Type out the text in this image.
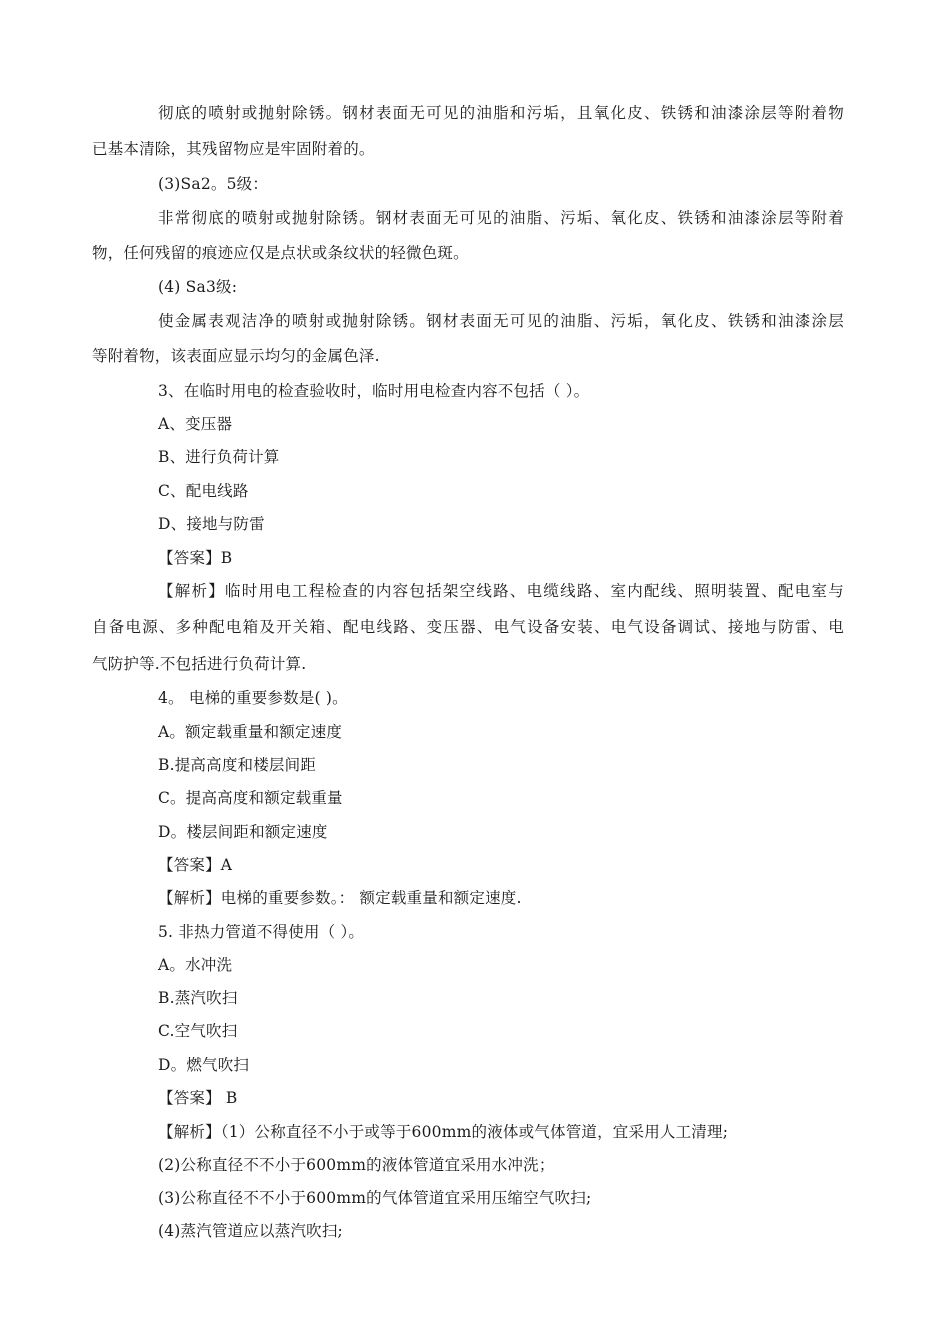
彻底的喷射或抛射除锈。钢材表面无可见的油脂和污垢，且氧化皮、铁锈和油漆涂层等附着物
已基本清除，其残留物应是牢固附着的。
(3)Sa2。5级：
非常彻底的喷射或抛射除锈。钢材表面无可见的油脂、污垢、氧化皮、铁锈和油漆涂层等附着
物，任何残留的痕迹应仅是点状或条纹状的轻微色斑。
(4) Sa3级:
使金属表观洁净的喷射或抛射除锈。钢材表面无可见的油脂、污垢，氧化皮、铁锈和油漆涂层
等附着物，该表面应显示均匀的金属色泽.
3、在临时用电的检查验收时，临时用电检查内容不包括（ ）。
A、变压器
B、进行负荷计算
C、配电线路
D、接地与防雷
【答案】B
【解析】临时用电工程检查的内容包括架空线路、电缆线路、室内配线、照明装置、配电室与
自备电源、多种配电箱及开关箱、配电线路、变压器、电气设备安装、电气设备调试、接地与防雷、电
气防护等.不包括进行负荷计算.
4。 电梯的重要参数是( )。
A。额定载重量和额定速度
B.提高高度和楼层间距
C。提高高度和额定载重量
D。楼层间距和额定速度
【答案】A
【解析】电梯的重要参数。： 额定载重量和额定速度.
5. 非热力管道不得使用（ ）。
A。水冲洗
B.蒸汽吹扫
C.空气吹扫
D。燃气吹扫
【答案】 B
【解析】（1）公称直径不小于或等于600mm的液体或气体管道，宜采用人工清理;
(2)公称直径不不小于600mm的液体管道宜采用水冲洗；
(3)公称直径不不小于600mm的气体管道宜采用压缩空气吹扫;
(4)蒸汽管道应以蒸汽吹扫;
